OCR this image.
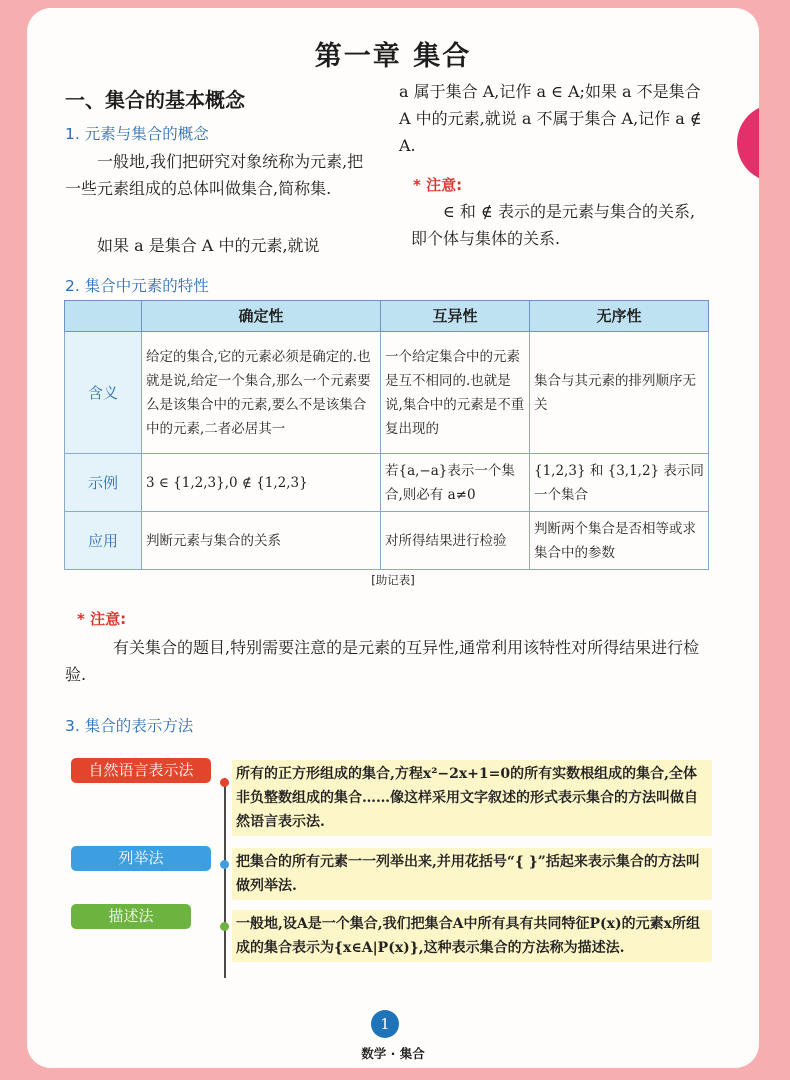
第一章 集合
一、集合的基本概念
1. 元素与集合的概念

一般地,我们把研究对象统称为元素,把一些元素组成的总体叫做集合,简称集.

如果 a 是集合 A 中的元素,就说

a 属于集合 A,记作 a ∈ A;如果 a 不是集合 A 中的元素,就说 a 不属于集合 A,记作 a ∉ A.

* 注意:

∈ 和 ∉ 表示的是元素与集合的关系,即个体与集体的关系.

2. 集合中元素的特性
	确定性	互异性	无序性
含义	给定的集合,它的元素必须是确定的.也就是说,给定一个集合,那么一个元素要么是该集合中的元素,要么不是该集合中的元素,二者必居其一	一个给定集合中的元素是互不相同的.也就是说,集合中的元素是不重复出现的	集合与其元素的排列顺序无关
示例	3 ∈ {1,2,3},0 ∉ {1,2,3}	若{a,−a}表示一个集合,则必有 a≠0	{1,2,3} 和 {3,1,2} 表示同一个集合
应用	判断元素与集合的关系	对所得结果进行检验	判断两个集合是否相等或求集合中的参数
[助记表]
* 注意:

有关集合的题目,特别需要注意的是元素的互异性,通常利用该特性对所得结果进行检验.

3. 集合的表示方法
自然语言表示法	所有的正方形组成的集合,方程x²−2x+1=0的所有实数根组成的集合,全体非负整数组成的集合……像这样采用文字叙述的形式表示集合的方法叫做自然语言表示法.

列举法	把集合的所有元素一一列举出来,并用花括号“{ }”括起来表示集合的方法叫做列举法.

描述法	一般地,设A是一个集合,我们把集合A中所有具有共同特征P(x)的元素x所组成的集合表示为{x∈A|P(x)},这种表示集合的方法称为描述法.

1
数学 · 集合
